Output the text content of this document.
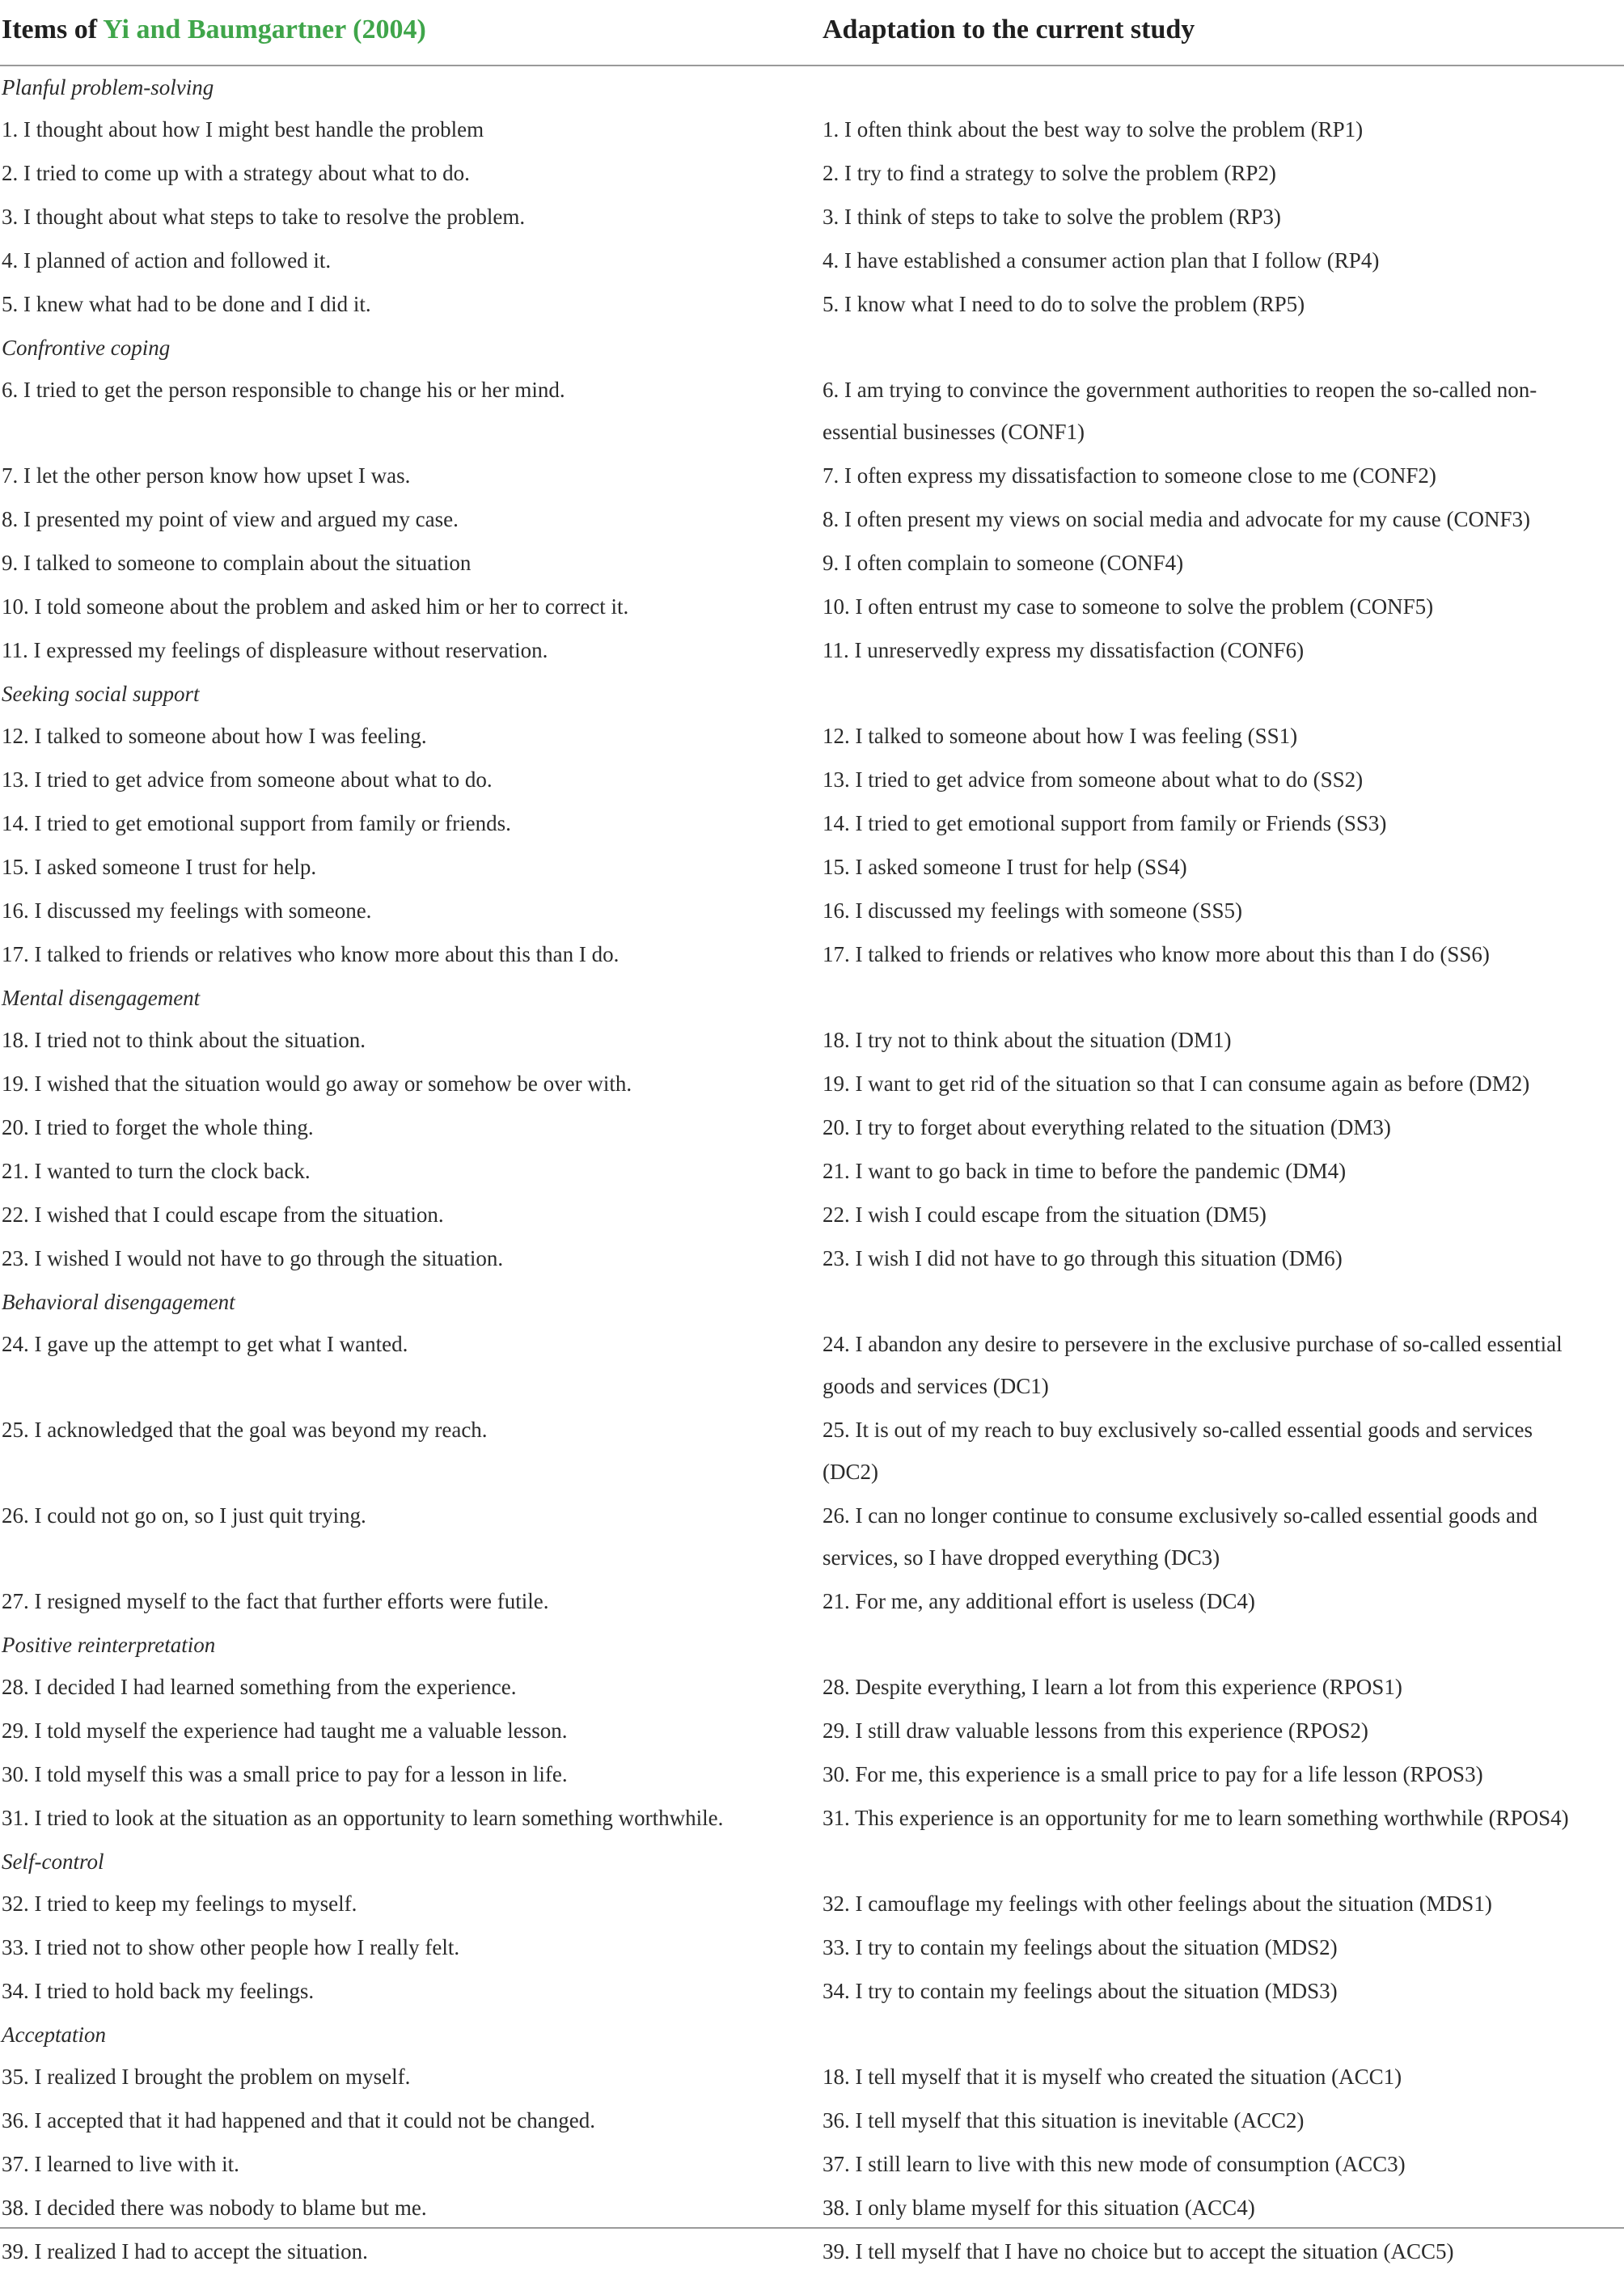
Items of Yi and Baumgartner (2004)	Adaptation to the current study
Planful problem-solving
1. I thought about how I might best handle the problem	1. I often think about the best way to solve the problem (RP1)
2. I tried to come up with a strategy about what to do.	2. I try to find a strategy to solve the problem (RP2)
3. I thought about what steps to take to resolve the problem.	3. I think of steps to take to solve the problem (RP3)
4. I planned of action and followed it.	4. I have established a consumer action plan that I follow (RP4)
5. I knew what had to be done and I did it.	5. I know what I need to do to solve the problem (RP5)
Confrontive coping
6. I tried to get the person responsible to change his or her mind.	6. I am trying to convince the government authorities to reopen the so-called non-
essential businesses (CONF1)
7. I let the other person know how upset I was.	7. I often express my dissatisfaction to someone close to me (CONF2)
8. I presented my point of view and argued my case.	8. I often present my views on social media and advocate for my cause (CONF3)
9. I talked to someone to complain about the situation	9. I often complain to someone (CONF4)
10. I told someone about the problem and asked him or her to correct it.	10. I often entrust my case to someone to solve the problem (CONF5)
11. I expressed my feelings of displeasure without reservation.	11. I unreservedly express my dissatisfaction (CONF6)
Seeking social support
12. I talked to someone about how I was feeling.	12. I talked to someone about how I was feeling (SS1)
13. I tried to get advice from someone about what to do.	13. I tried to get advice from someone about what to do (SS2)
14. I tried to get emotional support from family or friends.	14. I tried to get emotional support from family or Friends (SS3)
15. I asked someone I trust for help.	15. I asked someone I trust for help (SS4)
16. I discussed my feelings with someone.	16. I discussed my feelings with someone (SS5)
17. I talked to friends or relatives who know more about this than I do.	17. I talked to friends or relatives who know more about this than I do (SS6)
Mental disengagement
18. I tried not to think about the situation.	18. I try not to think about the situation (DM1)
19. I wished that the situation would go away or somehow be over with.	19. I want to get rid of the situation so that I can consume again as before (DM2)
20. I tried to forget the whole thing.	20. I try to forget about everything related to the situation (DM3)
21. I wanted to turn the clock back.	21. I want to go back in time to before the pandemic (DM4)
22. I wished that I could escape from the situation.	22. I wish I could escape from the situation (DM5)
23. I wished I would not have to go through the situation.	23. I wish I did not have to go through this situation (DM6)
Behavioral disengagement
24. I gave up the attempt to get what I wanted.	24. I abandon any desire to persevere in the exclusive purchase of so-called essential
goods and services (DC1)
25. I acknowledged that the goal was beyond my reach.	25. It is out of my reach to buy exclusively so-called essential goods and services
(DC2)
26. I could not go on, so I just quit trying.	26. I can no longer continue to consume exclusively so-called essential goods and
services, so I have dropped everything (DC3)
27. I resigned myself to the fact that further efforts were futile.	21. For me, any additional effort is useless (DC4)
Positive reinterpretation
28. I decided I had learned something from the experience.	28. Despite everything, I learn a lot from this experience (RPOS1)
29. I told myself the experience had taught me a valuable lesson.	29. I still draw valuable lessons from this experience (RPOS2)
30. I told myself this was a small price to pay for a lesson in life.	30. For me, this experience is a small price to pay for a life lesson (RPOS3)
31. I tried to look at the situation as an opportunity to learn something worthwhile.	31. This experience is an opportunity for me to learn something worthwhile (RPOS4)
Self-control
32. I tried to keep my feelings to myself.	32. I camouflage my feelings with other feelings about the situation (MDS1)
33. I tried not to show other people how I really felt.	33. I try to contain my feelings about the situation (MDS2)
34. I tried to hold back my feelings.	34. I try to contain my feelings about the situation (MDS3)
Acceptation
35. I realized I brought the problem on myself.	18. I tell myself that it is myself who created the situation (ACC1)
36. I accepted that it had happened and that it could not be changed.	36. I tell myself that this situation is inevitable (ACC2)
37. I learned to live with it.	37. I still learn to live with this new mode of consumption (ACC3)
38. I decided there was nobody to blame but me.	38. I only blame myself for this situation (ACC4)
39. I realized I had to accept the situation.	39. I tell myself that I have no choice but to accept the situation (ACC5)
